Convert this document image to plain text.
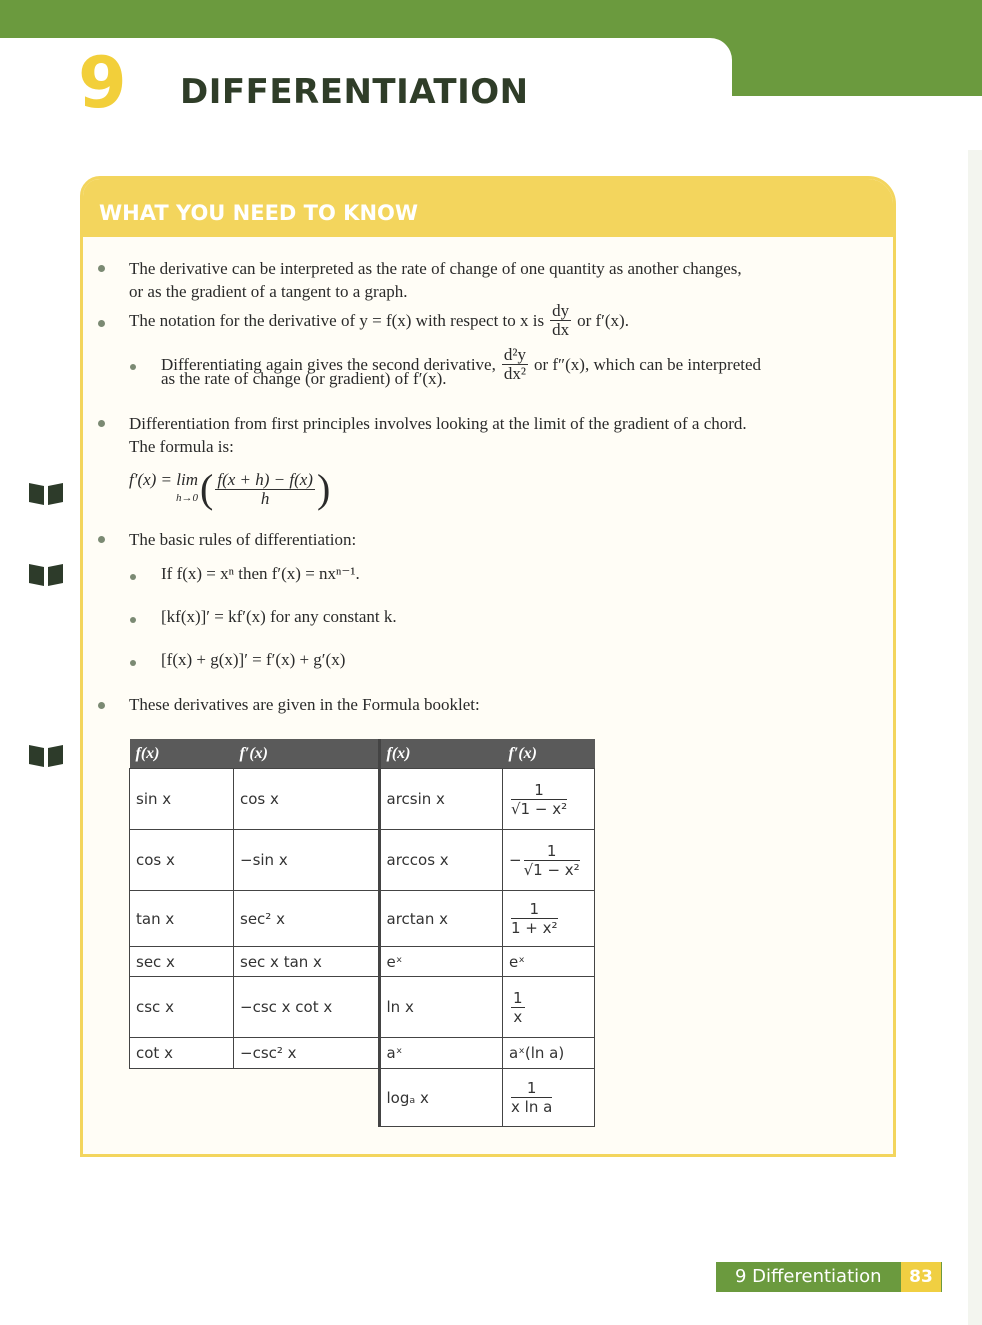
9 DIFFERENTIATION
WHAT YOU NEED TO KNOW
The derivative can be interpreted as the rate of change of one quantity as another changes,
or as the gradient of a tangent to a graph.
The notation for the derivative of y = f(x) with respect to x is $\frac{dy}{dx}$ or f′(x).
Differentiating again gives the second derivative, $\frac{\text{d²y}}{\text{dx²}}$ or f″(x), which can be interpreted
as the rate of change (or gradient) of f′(x).
Differentiation from first principles involves looking at the limit of the gradient of a chord.
The formula is:
f′(x) = lim
h→0 ( $\frac{f(x + h) - f(x)}{h}$ )
The basic rules of differentiation:
If f(x) = xⁿ then f′(x) = nxⁿ⁻¹.
[kf(x)]′ = kf′(x) for any constant k.
[f(x) + g(x)]′ = f′(x) + g′(x)
These derivatives are given in the Formula booklet:
f(x)	f′(x)	f(x)	f′(x)
sin x	cos x	arcsin x	$\frac{1}{\text{√1 − x²}}$

cos x	−sin x	arccos x	− $\frac{1}{\text{√1 − x²}}$

tan x	sec² x	arctan x	$\frac{1}{\text{1 + x²}}$

sec x	sec x tan x	eˣ	eˣ
csc x	−csc x cot x	ln x	$\frac{1}{x}$

cot x	−csc² x	aˣ	aˣ(ln a)
		logₐ x	$\frac{1}{\text{x ln a}}$
9 Differentiation	83
